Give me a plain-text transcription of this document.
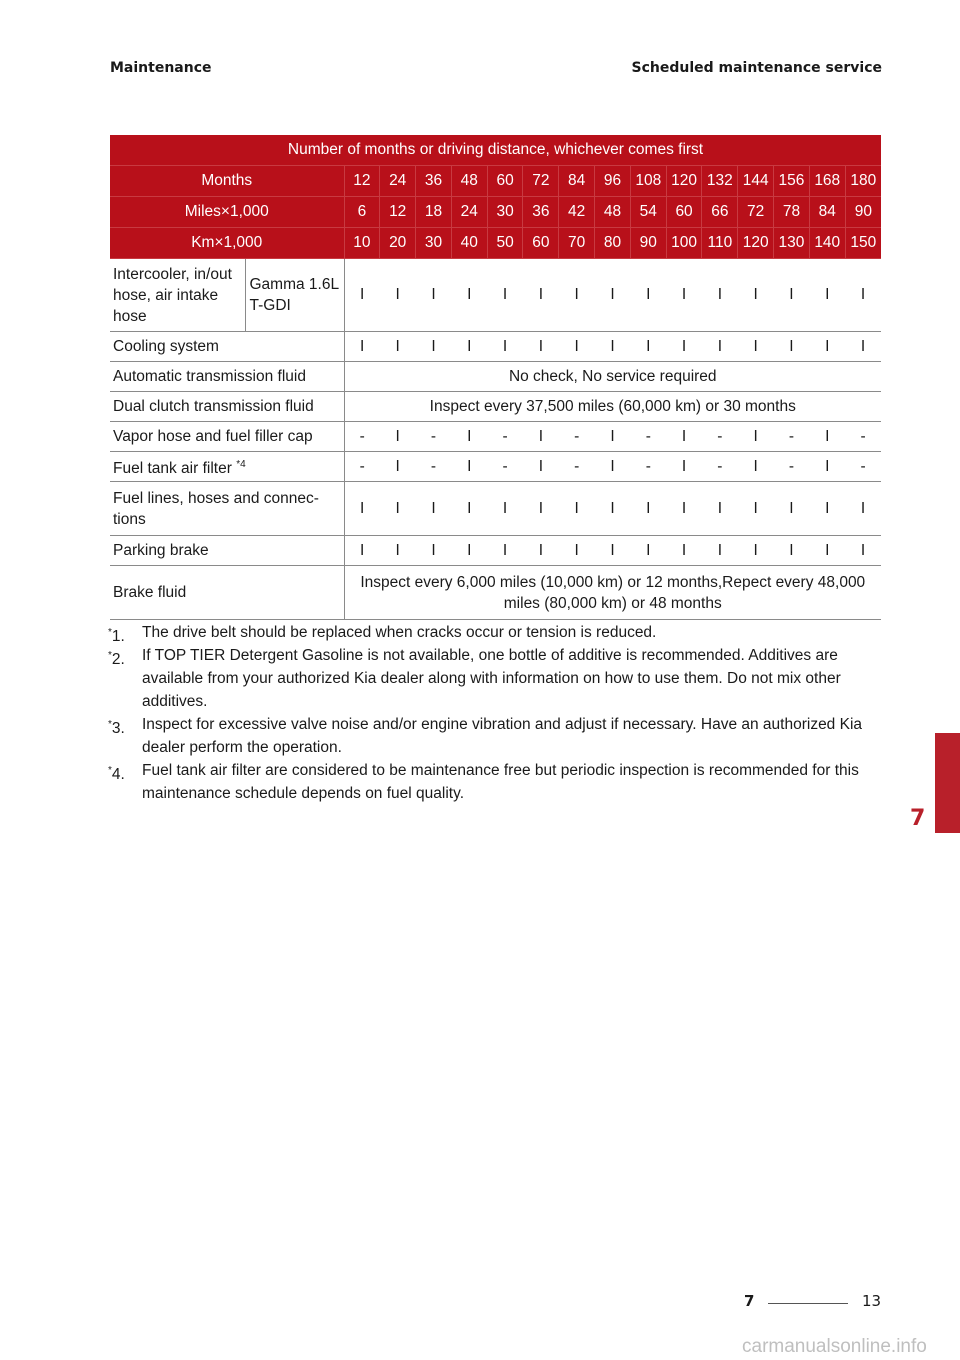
Maintenance	Scheduled maintenance service
Number of months or driving distance, whichever comes first																
Months		12	24	36	48	60	72	84	96	108	120	132	144	156	168	180
Miles×1,000		6	12	18	24	30	36	42	48	54	60	66	72	78	84	90
Km×1,000		10	20	30	40	50	60	70	80	90	100	110	120	130	140	150
Intercooler, in/out hose, air intake hose	Gamma 1.6L T-GDI	I	I	I	I	I	I	I	I	I	I	I	I	I	I	I
Cooling system		I	I	I	I	I	I	I	I	I	I	I	I	I	I	I
Automatic transmission fluid		No check, No service required														
Dual clutch transmission fluid		Inspect every 37,500 miles (60,000 km) or 30 months														
Vapor hose and fuel filler cap		-	I	-	I	-	I	-	I	-	I	-	I	-	I	-
Fuel tank air filter $^{*4}$		-	I	-	I	-	I	-	I	-	I	-	I	-	I	-
Fuel lines, hoses and connec- tions		I	I	I	I	I	I	I	I	I	I	I	I	I	I	I
Parking brake		I	I	I	I	I	I	I	I	I	I	I	I	I	I	I
Brake fluid		Inspect every 6,000 miles (10,000 km) or 12 months,Repect every 48,000 miles (80,000 km) or 48 months														
*1. The drive belt should be replaced when cracks occur or tension is reduced.
*2. If TOP TIER Detergent Gasoline is not available, one bottle of additive is recommended. Additives are available from your authorized Kia dealer along with information on how to use them. Do not mix other additives.
*3. Inspect for excessive valve noise and/or engine vibration and adjust if necessary. Have an authorized Kia dealer perform the operation.
*4. Fuel tank air filter are considered to be maintenance free but periodic inspection is recommended for this maintenance schedule depends on fuel quality.
7
7	13
carmanualsonline.info
